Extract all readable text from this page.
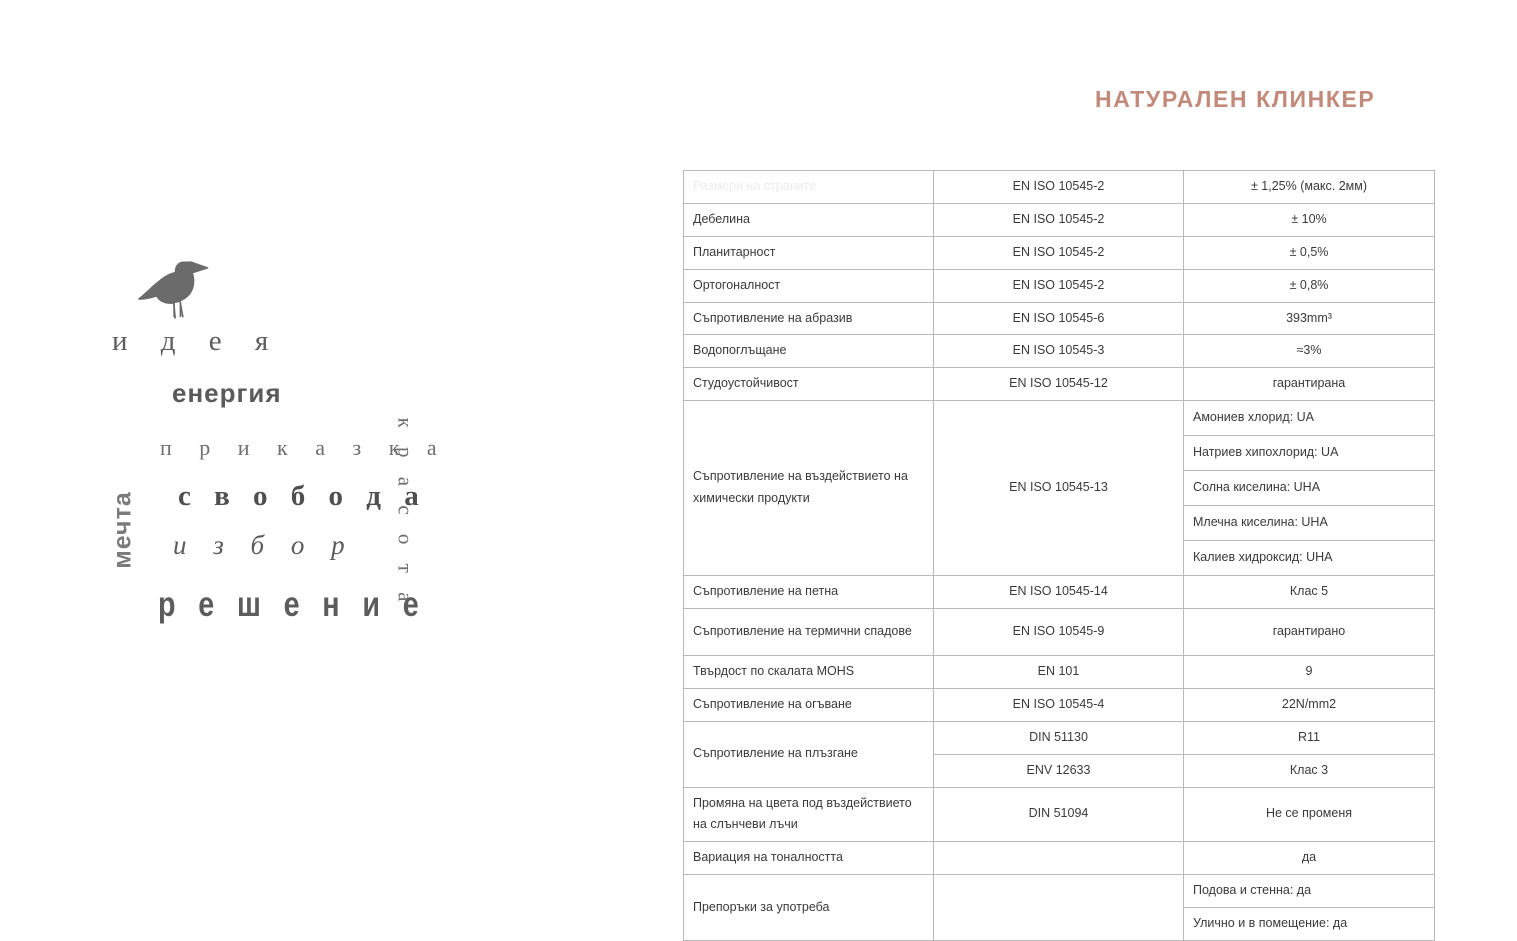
НАТУРАЛЕН КЛИНКЕР
и д е я
енергия
п р и к а з к а
с в о б о д а
и з б о р
р е ш е н и е
мечта	к р а с о т а
Размери на страните	EN ISO 10545-2	± 1,25% (макс. 2мм)
Дебелина	EN ISO 10545-2	± 10%
Планитарност	EN ISO 10545-2	± 0,5%
Ортогоналност	EN ISO 10545-2	± 0,8%
Съпротивление на абразив	EN ISO 10545-6	393mm³
Водопоглъщане	EN ISO 10545-3	≈3%
Студоустойчивост	EN ISO 10545-12	гарантирана
Съпротивление на въздействието на химически продукти	EN ISO 10545-13	Амониев хлорид: UA
		Натриев хипохлорид: UA
		Солна киселина: UHA
		Млечна киселина: UHA
		Калиев хидроксид: UHA
Съпротивление на петна	EN ISO 10545-14	Клас 5
Съпротивление на термични спадове	EN ISO 10545-9	гарантирано
Твърдост по скалата MOHS	EN 101	9
Съпротивление на огъване	EN ISO 10545-4	22N/mm2
Съпротивление на плъзгане	DIN 51130	R11
	ENV 12633	Клас 3
Промяна на цвета под въздействието на слънчеви лъчи	DIN 51094	Не се променя
Вариация на тоналността		да
Препоръки за употреба		Подова и стенна: да
		Улично и в помещение: да
